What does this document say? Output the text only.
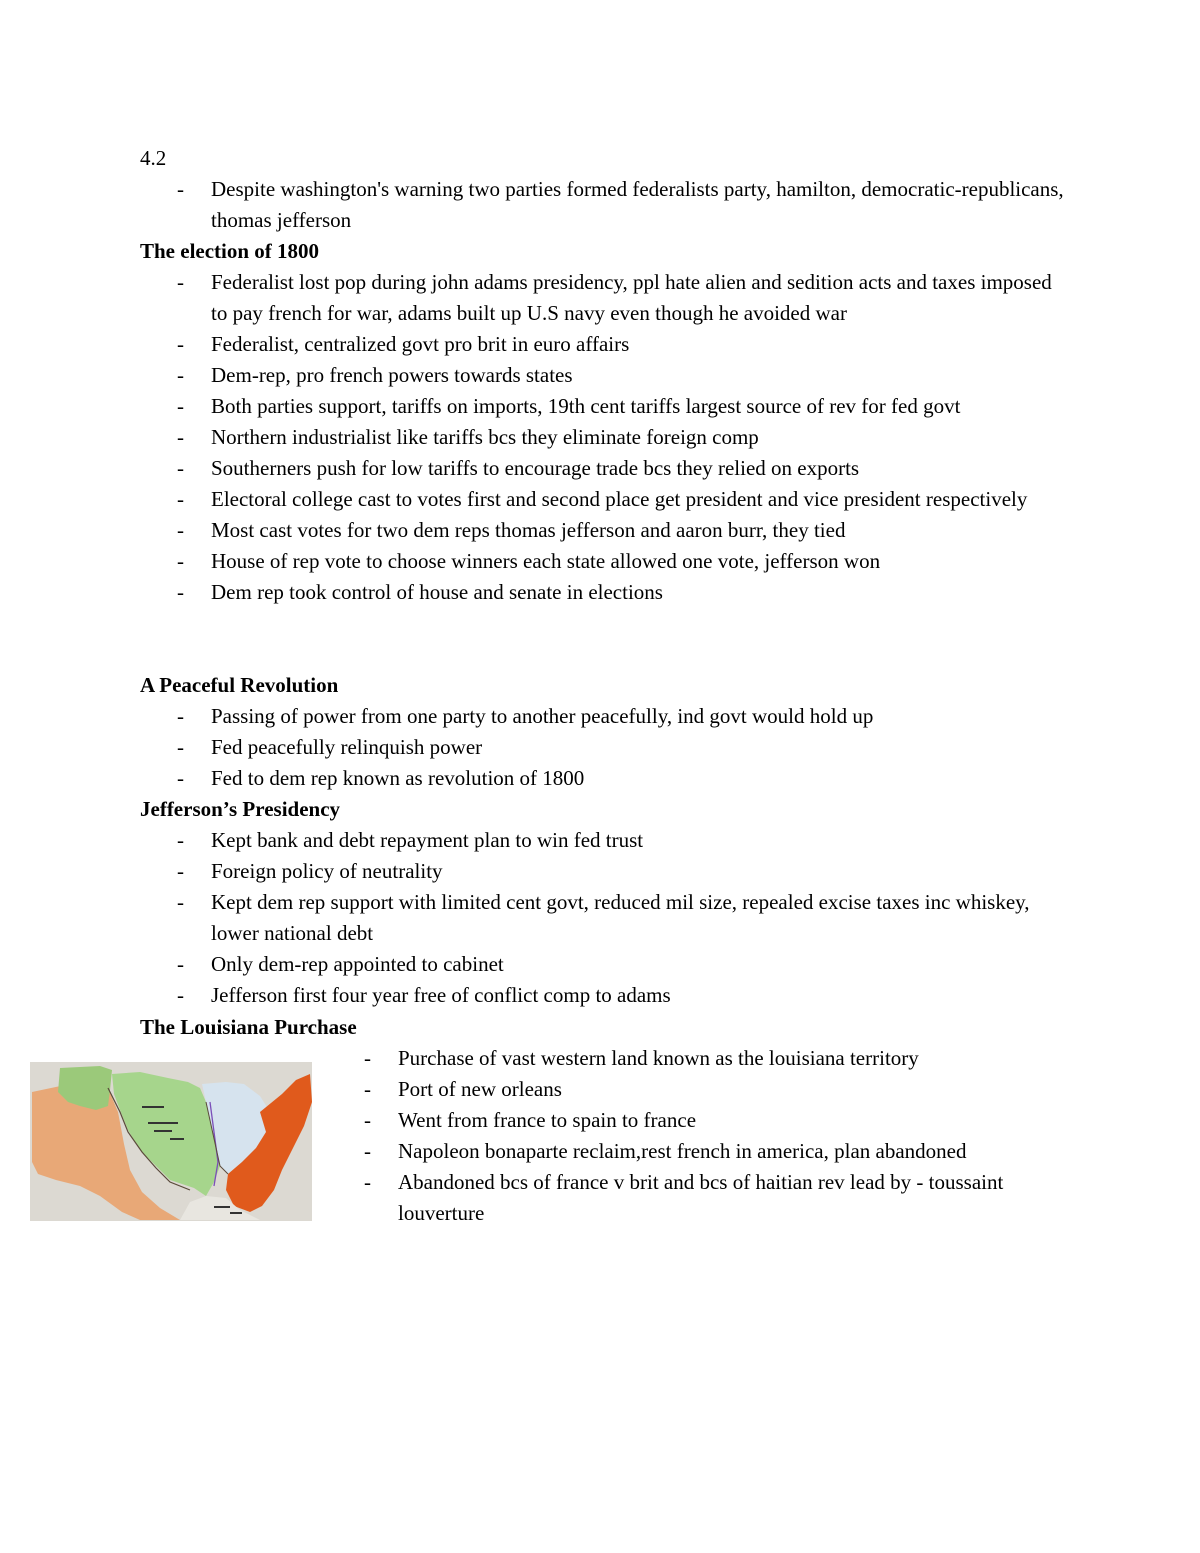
4.2
- Despite washington's warning two parties formed federalists party, hamilton, democratic-republicans, thomas jefferson
The election of 1800
- Federalist lost pop during john adams presidency, ppl hate alien and sedition acts and taxes imposed to pay french for war, adams built up U.S navy even though he avoided war
- Federalist, centralized govt pro brit in euro affairs
- Dem-rep, pro french powers towards states
- Both parties support, tariffs on imports, 19th cent tariffs largest source of rev for fed govt
- Northern industrialist like tariffs bcs they eliminate foreign comp
- Southerners push for low tariffs to encourage trade bcs they relied on exports
- Electoral college cast to votes first and second place get president and vice president respectively
- Most cast votes for two dem reps thomas jefferson and aaron burr, they tied
- House of rep vote to choose winners each state allowed one vote, jefferson won
- Dem rep took control of house and senate in elections
A Peaceful Revolution
- Passing of power from one party to another peacefully, ind govt would hold up
- Fed peacefully relinquish power
- Fed to dem rep known as revolution of 1800
Jefferson’s Presidency
- Kept bank and debt repayment plan to win fed trust
- Foreign policy of neutrality
- Kept dem rep support with limited cent govt, reduced mil size, repealed excise taxes inc whiskey, lower national debt
- Only dem-rep appointed to cabinet
- Jefferson first four year free of conflict comp to adams
The Louisiana Purchase
- Purchase of vast western land known as the louisiana territory
- Port of new orleans
- Went from france to spain to france
- Napoleon bonaparte reclaim,rest french in america, plan abandoned
- Abandoned bcs of france v brit and bcs of haitian rev lead by - toussaint louverture
